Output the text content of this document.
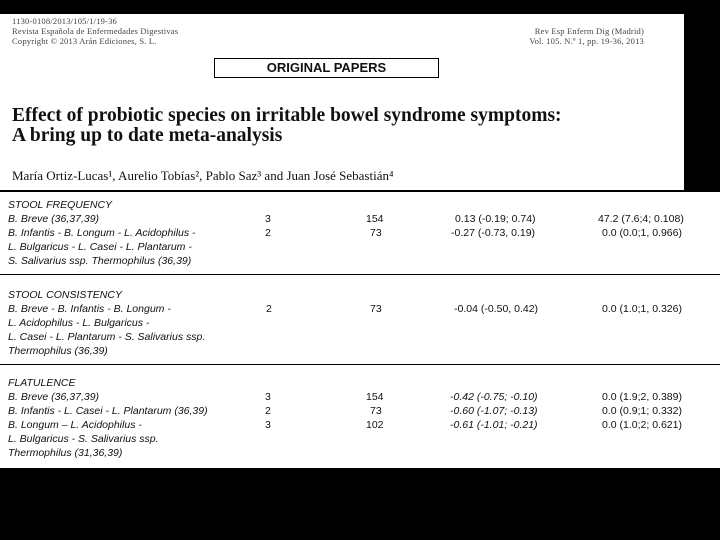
1130-0108/2013/105/1/19-36
Revista Española de Enfermedades Digestivas
Copyright © 2013 Arán Ediciones, S. L.
Rev Esp Enferm Dig (Madrid)
Vol. 105. N.º 1, pp. 19-36, 2013
ORIGINAL PAPERS
Effect of probiotic species on irritable bowel syndrome symptoms:
A bring up to date meta-analysis
María Ortiz-Lucas¹, Aurelio Tobías², Pablo Saz³ and Juan José Sebastián⁴
STOOL FREQUENCY
B. Breve (36,37,39)	3	154	0.13 (-0.19; 0.74)	47.2 (7.6;4; 0.108)
B. Infantis - B. Longum - L. Acidophilus -
L. Bulgaricus - L. Casei - L. Plantarum -
S. Salivarius ssp. Thermophilus (36,39)
2	73	-0.27 (-0.73, 0.19)	0.0 (0.0;1, 0.966)
STOOL CONSISTENCY
B. Breve - B. Infantis - B. Longum -
L. Acidophilus - L. Bulgaricus -
L. Casei - L. Plantarum - S. Salivarius ssp.
Thermophilus (36,39)
2	73	-0.04 (-0.50, 0.42)	0.0 (1.0;1, 0.326)
FLATULENCE
B. Breve (36,37,39)	3	154	-0.42 (-0.75; -0.10)	0.0 (1.9;2, 0.389)
B. Infantis - L. Casei - L. Plantarum (36,39)	2	73	-0.60 (-1.07; -0.13)	0.0 (0.9;1; 0.332)
B. Longum – L. Acidophilus -
L. Bulgaricus - S. Salivarius ssp.
Thermophilus (31,36,39)
3	102	-0.61 (-1.01; -0.21)	0.0 (1.0;2; 0.621)
